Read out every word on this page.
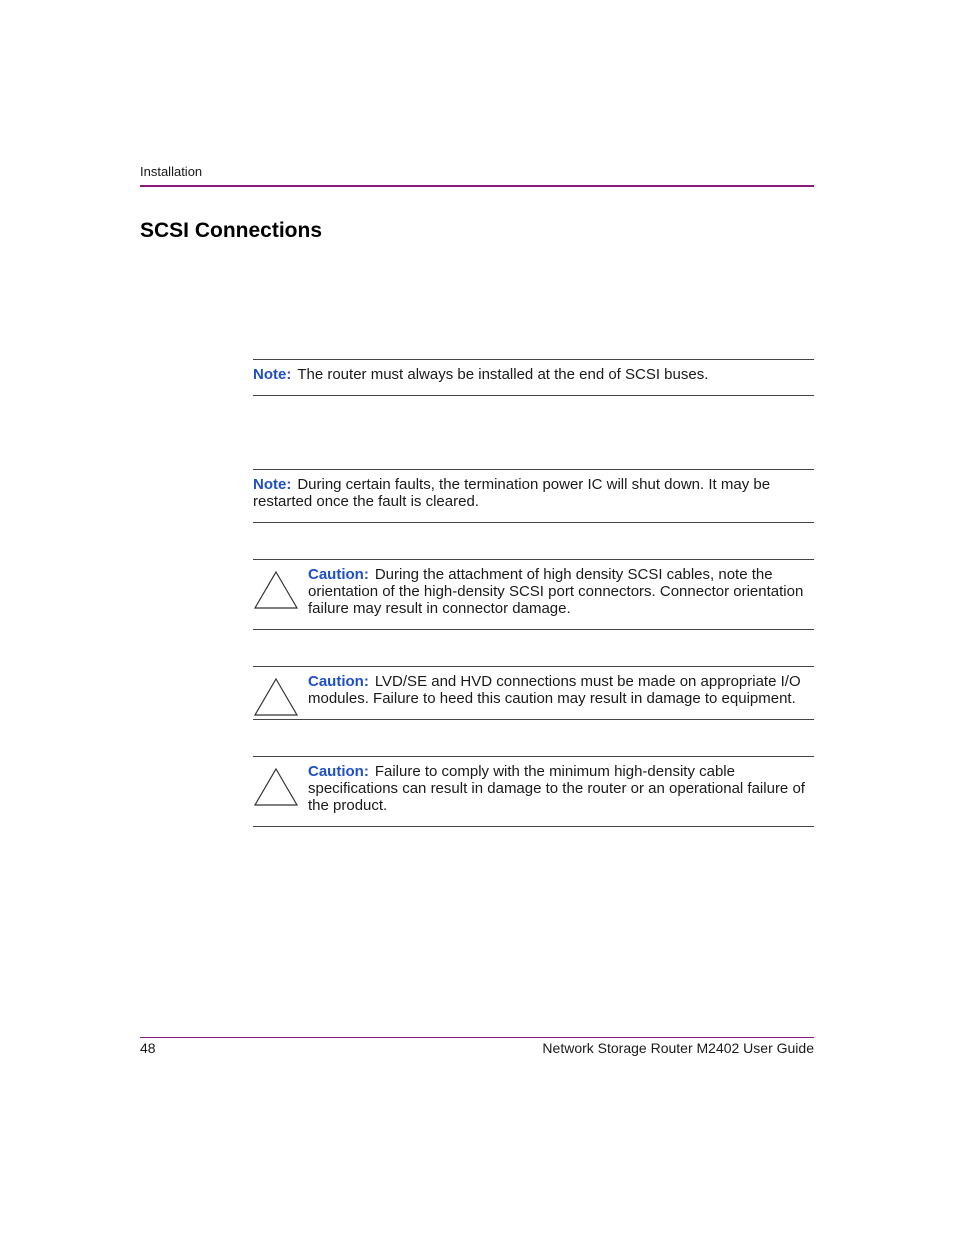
Installation
SCSI Connections
Note: The router must always be installed at the end of SCSI buses.
Note: During certain faults, the termination power IC will shut down. It may be restarted once the fault is cleared.
Caution: During the attachment of high density SCSI cables, note the orientation of the high-density SCSI port connectors. Connector orientation failure may result in connector damage.
Caution: LVD/SE and HVD connections must be made on appropriate I/O modules. Failure to heed this caution may result in damage to equipment.
Caution: Failure to comply with the minimum high-density cable specifications can result in damage to the router or an operational failure of the product.
48	Network Storage Router M2402 User Guide
